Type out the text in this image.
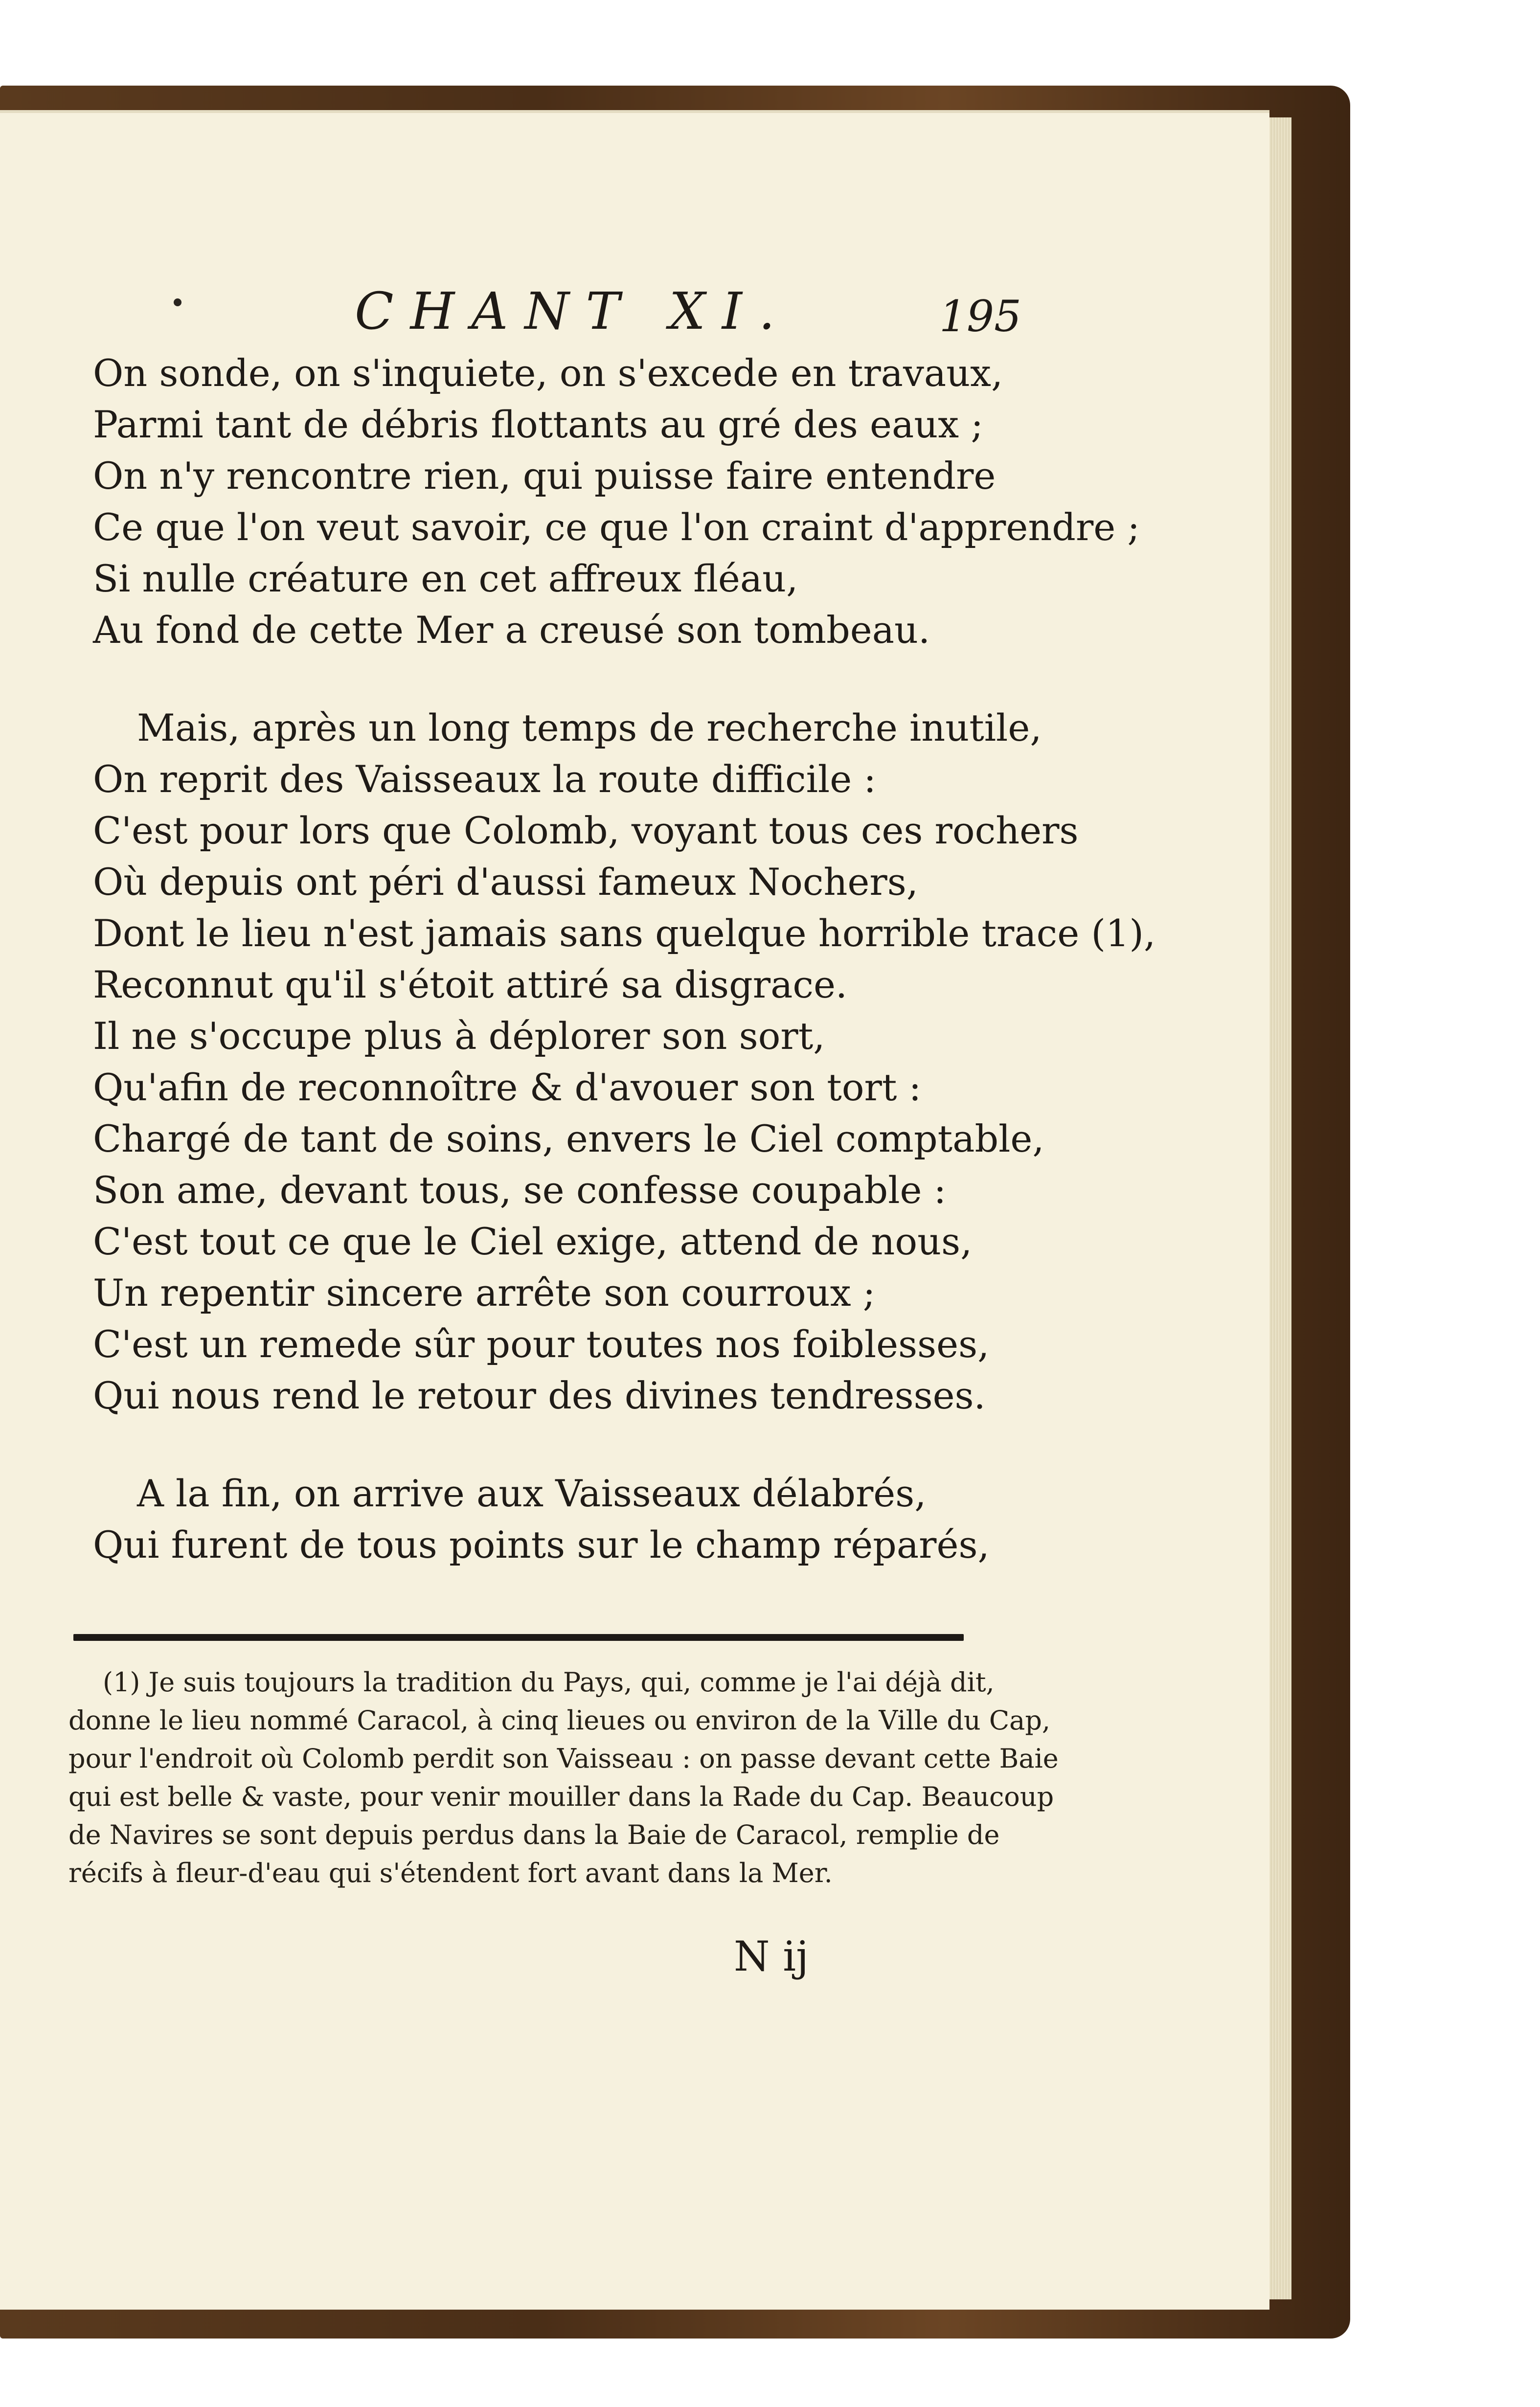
CHANT XI.	195
On sonde, on s'inquiete, on s'excede en travaux,
Parmi tant de débris flottants au gré des eaux ;
On n'y rencontre rien, qui puisse faire entendre
Ce que l'on veut savoir, ce que l'on craint d'apprendre ;
Si nulle créature en cet affreux fléau,
Au fond de cette Mer a creusé son tombeau.
Mais, après un long temps de recherche inutile,
On reprit des Vaisseaux la route difficile :
C'est pour lors que Colomb, voyant tous ces rochers
Où depuis ont péri d'aussi fameux Nochers,
Dont le lieu n'est jamais sans quelque horrible trace (1),
Reconnut qu'il s'étoit attiré sa disgrace.
Il ne s'occupe plus à déplorer son sort,
Qu'afin de reconnoître & d'avouer son tort :
Chargé de tant de soins, envers le Ciel comptable,
Son ame, devant tous, se confesse coupable :
C'est tout ce que le Ciel exige, attend de nous,
Un repentir sincere arrête son courroux ;
C'est un remede sûr pour toutes nos foiblesses,
Qui nous rend le retour des divines tendresses.
A la fin, on arrive aux Vaisseaux délabrés,
Qui furent de tous points sur le champ réparés,
(1) Je suis toujours la tradition du Pays, qui, comme je l'ai déjà dit,
donne le lieu nommé Caracol, à cinq lieues ou environ de la Ville du Cap,
pour l'endroit où Colomb perdit son Vaisseau : on passe devant cette Baie
qui est belle & vaste, pour venir mouiller dans la Rade du Cap. Beaucoup
de Navires se sont depuis perdus dans la Baie de Caracol, remplie de
récifs à fleur-d'eau qui s'étendent fort avant dans la Mer.
N ij
